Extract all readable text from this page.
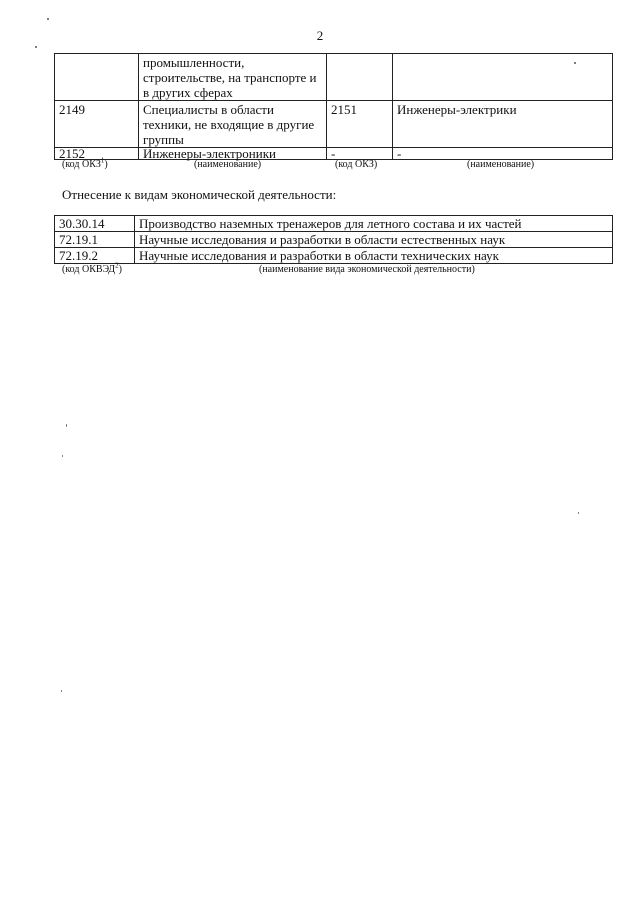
2
	промышленности, строительстве, на транспорте и в других сферах		
2149	Специалисты в области техники, не входящие в другие группы	2151	Инженеры-электрики
2152	Инженеры-электроники	-	-
(код ОКЗ$^1$)	(наименование)	(код ОКЗ)	(наименование)
Отнесение к видам экономической деятельности:
30.30.14	Производство наземных тренажеров для летного состава и их частей
72.19.1	Научные исследования и разработки в области естественных наук
72.19.2	Научные исследования и разработки в области технических наук
(код ОКВЭД$^2$)	(наименование вида экономической деятельности)
